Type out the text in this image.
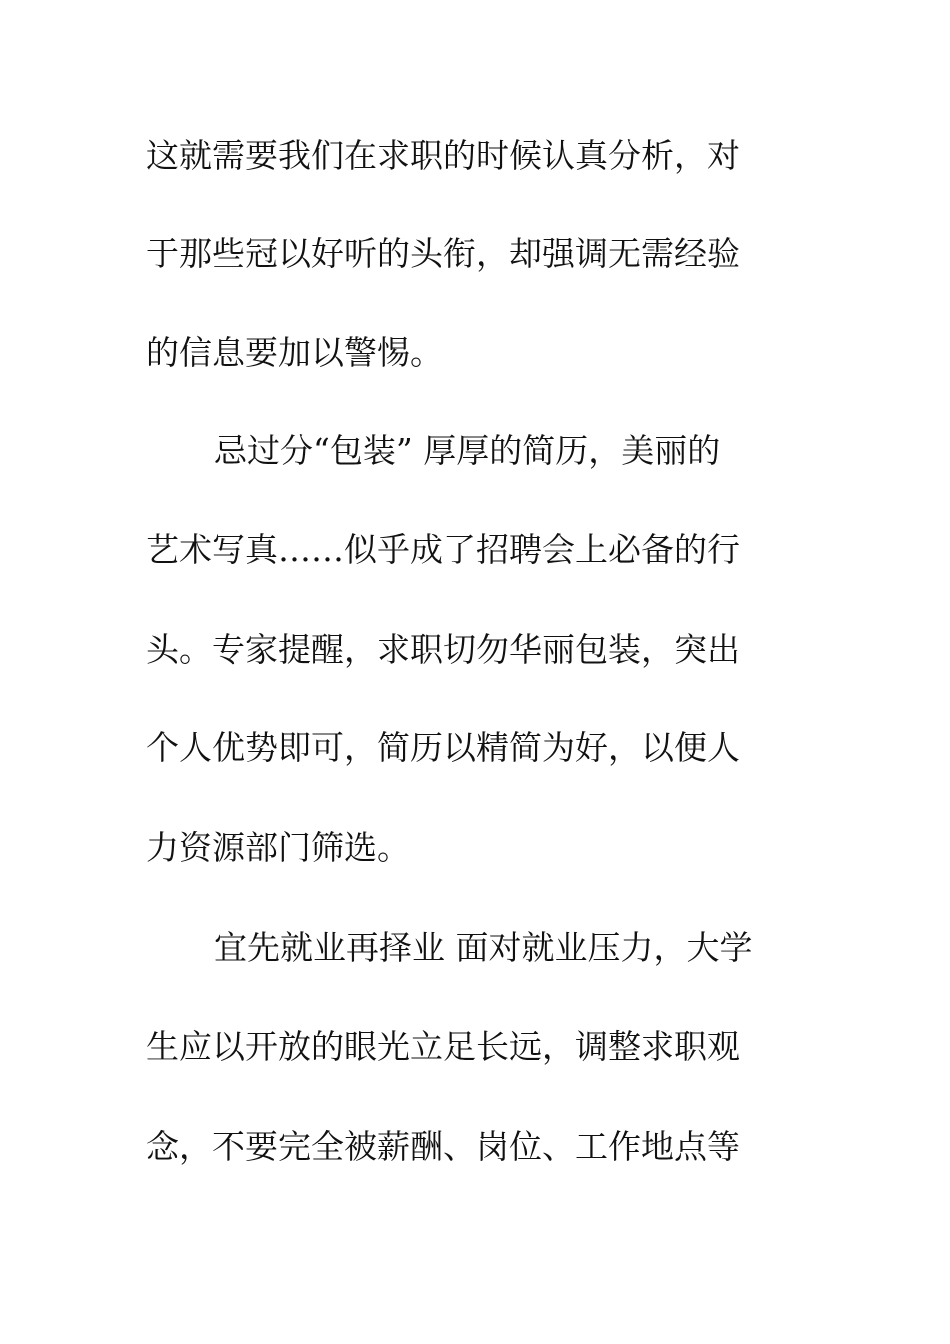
这就需要我们在求职的时候认真分析，对
于那些冠以好听的头衔，却强调无需经验
的信息要加以警惕。
忌过分“包装” 厚厚的简历，美丽的
艺术写真……似乎成了招聘会上必备的行
头。专家提醒，求职切勿华丽包装，突出
个人优势即可，简历以精简为好，以便人
力资源部门筛选。
宜先就业再择业 面对就业压力，大学
生应以开放的眼光立足长远，调整求职观
念，不要完全被薪酬、岗位、工作地点等
